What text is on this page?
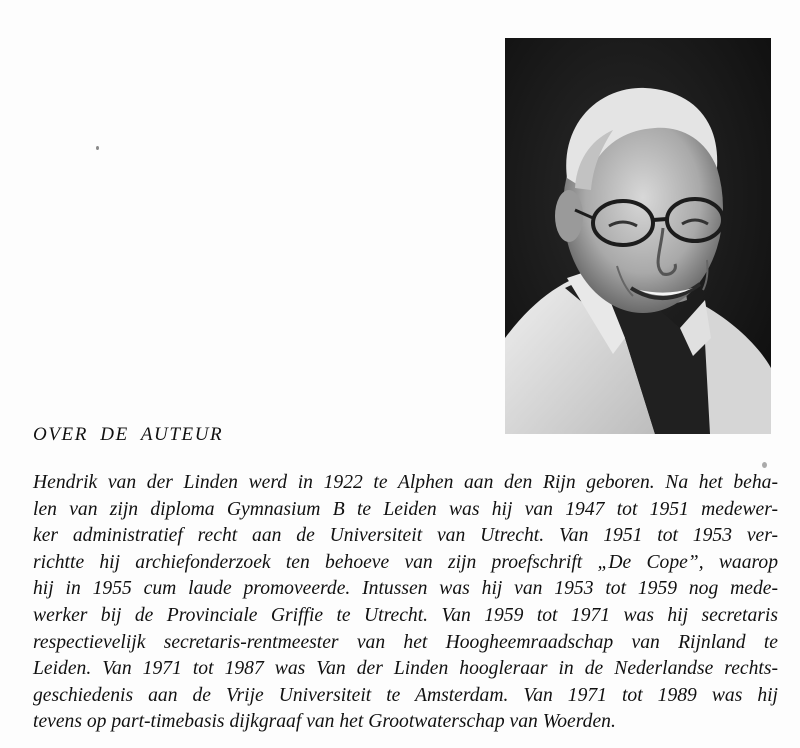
OVER DE AUTEUR

Hendrik van der Linden werd in 1922 te Alphen aan den Rijn geboren. Na het beha-
len van zijn diploma Gymnasium B te Leiden was hij van 1947 tot 1951 medewer-
ker administratief recht aan de Universiteit van Utrecht. Van 1951 tot 1953 ver-
richtte hij archiefonderzoek ten behoeve van zijn proefschrift „De Cope”, waarop
hij in 1955 cum laude promoveerde. Intussen was hij van 1953 tot 1959 nog mede-
werker bij de Provinciale Griffie te Utrecht. Van 1959 tot 1971 was hij secretaris
respectievelijk secretaris-rentmeester van het Hoogheemraadschap van Rijnland te
Leiden. Van 1971 tot 1987 was Van der Linden hoogleraar in de Nederlandse rechts-
geschiedenis aan de Vrije Universiteit te Amsterdam. Van 1971 tot 1989 was hij
tevens op part-timebasis dijkgraaf van het Grootwaterschap van Woerden.
